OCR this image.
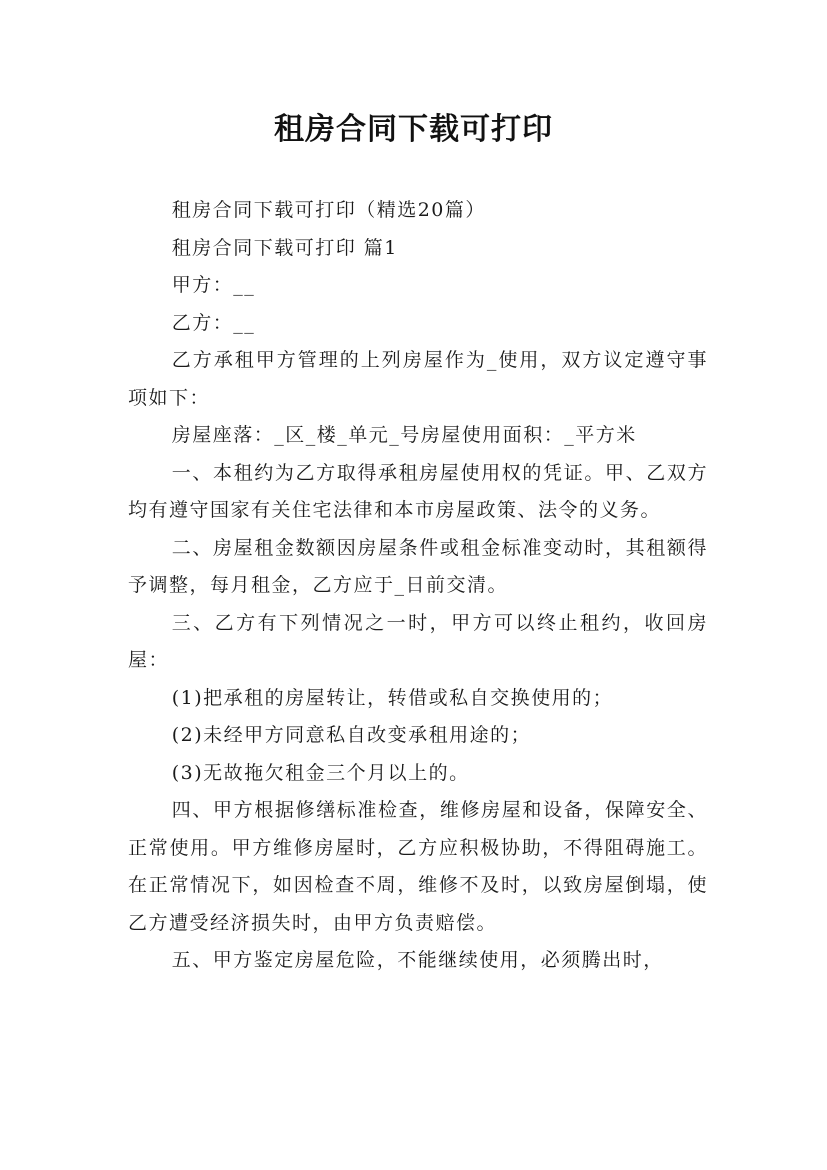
租房合同下载可打印

租房合同下载可打印（精选20篇）

租房合同下载可打印 篇1

甲方：__

乙方：__

乙方承租甲方管理的上列房屋作为_使用，双方议定遵守事项如下：

房屋座落：_区_楼_单元_号房屋使用面积：_平方米

一、本租约为乙方取得承租房屋使用权的凭证。甲、乙双方均有遵守国家有关住宅法律和本市房屋政策、法令的义务。

二、房屋租金数额因房屋条件或租金标准变动时，其租额得予调整，每月租金，乙方应于_日前交清。

三、乙方有下列情况之一时，甲方可以终止租约，收回房屋：

(1)把承租的房屋转让，转借或私自交换使用的；

(2)未经甲方同意私自改变承租用途的；

(3)无故拖欠租金三个月以上的。

四、甲方根据修缮标准检查，维修房屋和设备，保障安全、正常使用。甲方维修房屋时，乙方应积极协助，不得阻碍施工。在正常情况下，如因检查不周，维修不及时，以致房屋倒塌，使乙方遭受经济损失时，由甲方负责赔偿。

五、甲方鉴定房屋危险，不能继续使用，必须腾出时，
